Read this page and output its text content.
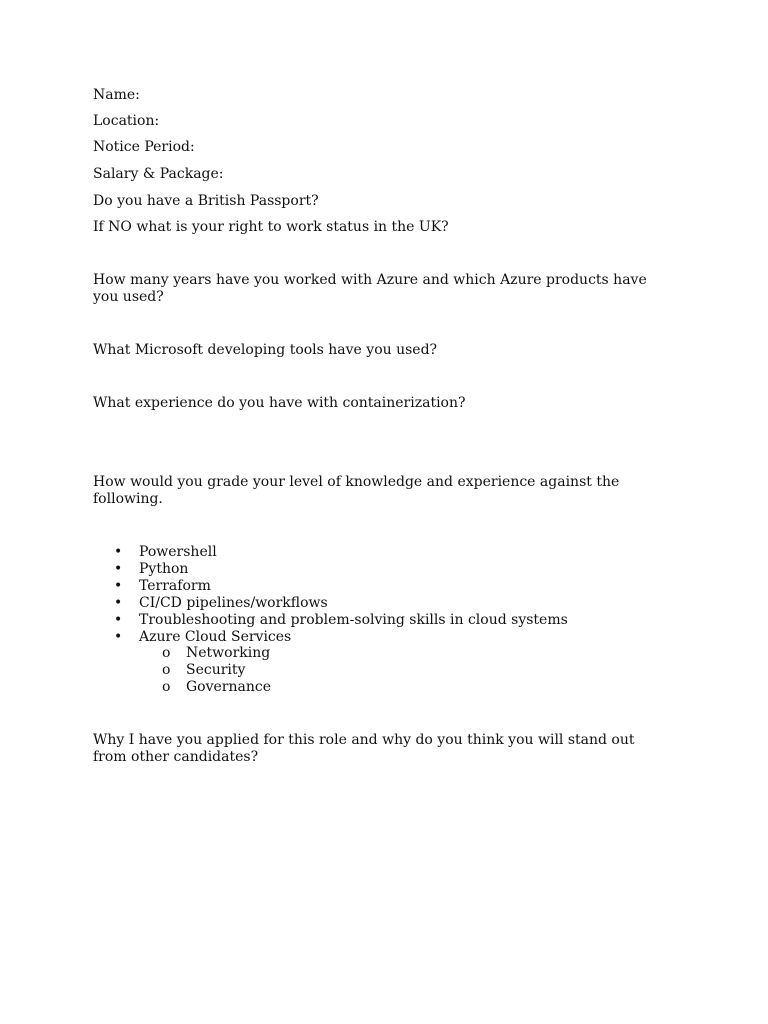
Name:
Location:
Notice Period:
Salary & Package:
Do you have a British Passport?
If NO what is your right to work status in the UK?
How many years have you worked with Azure and which Azure products have you used?
What Microsoft developing tools have you used?
What experience do you have with containerization?
How would you grade your level of knowledge and experience against the following.
• Powershell
• Python
• Terraform
• CI/CD pipelines/workflows
• Troubleshooting and problem-solving skills in cloud systems
• Azure Cloud Services
o Networking
o Security
o Governance
Why I have you applied for this role and why do you think you will stand out from other candidates?
